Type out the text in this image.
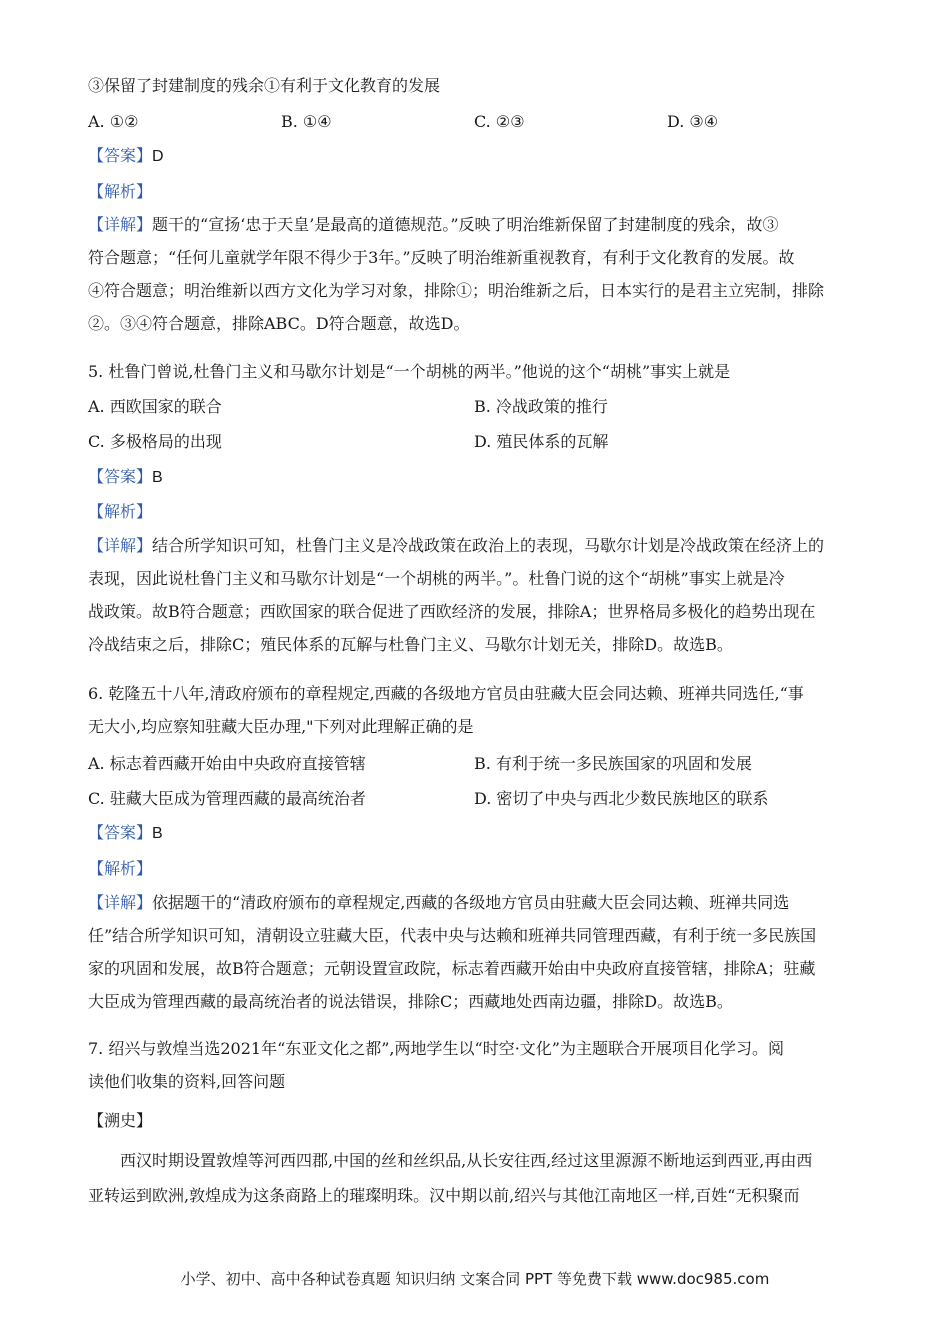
③保留了封建制度的残余①有利于文化教育的发展
A. ①②	B. ①④	C. ②③	D. ③④
【答案】D
【解析】

【详解】题干的“宣扬‘忠于天皇’是最高的道德规范。”反映了明治维新保留了封建制度的残余，故③

符合题意；“任何儿童就学年限不得少于3年。”反映了明治维新重视教育，有利于文化教育的发展。故

④符合题意；明治维新以西方文化为学习对象，排除①；明治维新之后，日本实行的是君主立宪制，排除

②。③④符合题意，排除ABC。D符合题意，故选D。

5. 杜鲁门曾说,杜鲁门主义和马歇尔计划是“一个胡桃的两半。”他说的这个“胡桃”事实上就是
A. 西欧国家的联合	B. 冷战政策的推行
C. 多极格局的出现	D. 殖民体系的瓦解
【答案】B
【解析】

【详解】结合所学知识可知，杜鲁门主义是冷战政策在政治上的表现，马歇尔计划是冷战政策在经济上的

表现，因此说杜鲁门主义和马歇尔计划是“一个胡桃的两半。”。杜鲁门说的这个“胡桃”事实上就是冷

战政策。故B符合题意；西欧国家的联合促进了西欧经济的发展，排除A；世界格局多极化的趋势出现在

冷战结束之后，排除C；殖民体系的瓦解与杜鲁门主义、马歇尔计划无关，排除D。故选B。

6. 乾隆五十八年,清政府颁布的章程规定,西藏的各级地方官员由驻藏大臣会同达赖、班禅共同选任,“事

无大小,均应察知驻藏大臣办理,"下列对此理解正确的是

A. 标志着西藏开始由中央政府直接管辖	B. 有利于统一多民族国家的巩固和发展
C. 驻藏大臣成为管理西藏的最高统治者	D. 密切了中央与西北少数民族地区的联系
【答案】B
【解析】

【详解】依据题干的“清政府颁布的章程规定,西藏的各级地方官员由驻藏大臣会同达赖、班禅共同选

任”结合所学知识可知，清朝设立驻藏大臣，代表中央与达赖和班禅共同管理西藏，有利于统一多民族国

家的巩固和发展，故B符合题意；元朝设置宣政院，标志着西藏开始由中央政府直接管辖，排除A；驻藏

大臣成为管理西藏的最高统治者的说法错误，排除C；西藏地处西南边疆，排除D。故选B。

7. 绍兴与敦煌当选2021年“东亚文化之都”,两地学生以“时空·文化”为主题联合开展项目化学习。阅

读他们收集的资料,回答问题

【溯史】

西汉时期设置敦煌等河西四郡,中国的丝和丝织品,从长安往西,经过这里源源不断地运到西亚,再由西

亚转运到欧洲,敦煌成为这条商路上的璀璨明珠。汉中期以前,绍兴与其他江南地区一样,百姓“无积聚而

小学、初中、高中各种试卷真题 知识归纳 文案合同 PPT 等免费下载 www.doc985.com
